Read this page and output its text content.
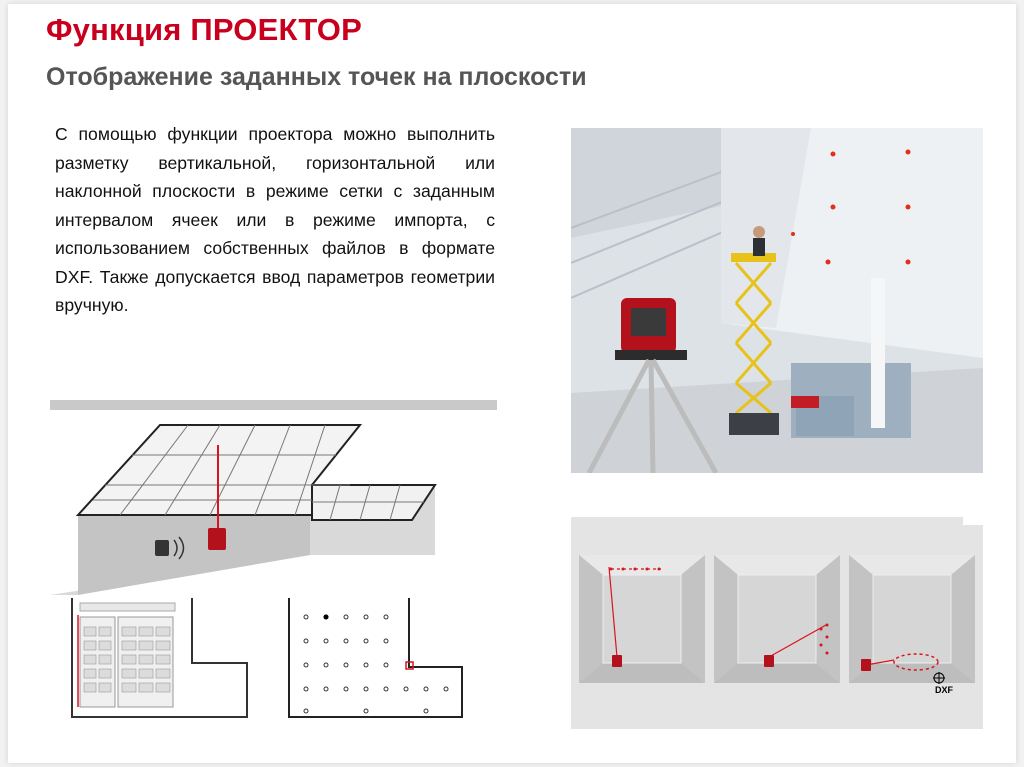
Функция ПРОЕКТОР
Отображение заданных точек на плоскости
С помощью функции проектора можно выполнить разметку вертикальной, горизонтальной или наклонной плоскости в режиме сетки с заданным интервалом ячеек или в режиме импорта, с использованием собственных файлов в формате DXF. Также допускается ввод параметров геометрии вручную.
DXF
